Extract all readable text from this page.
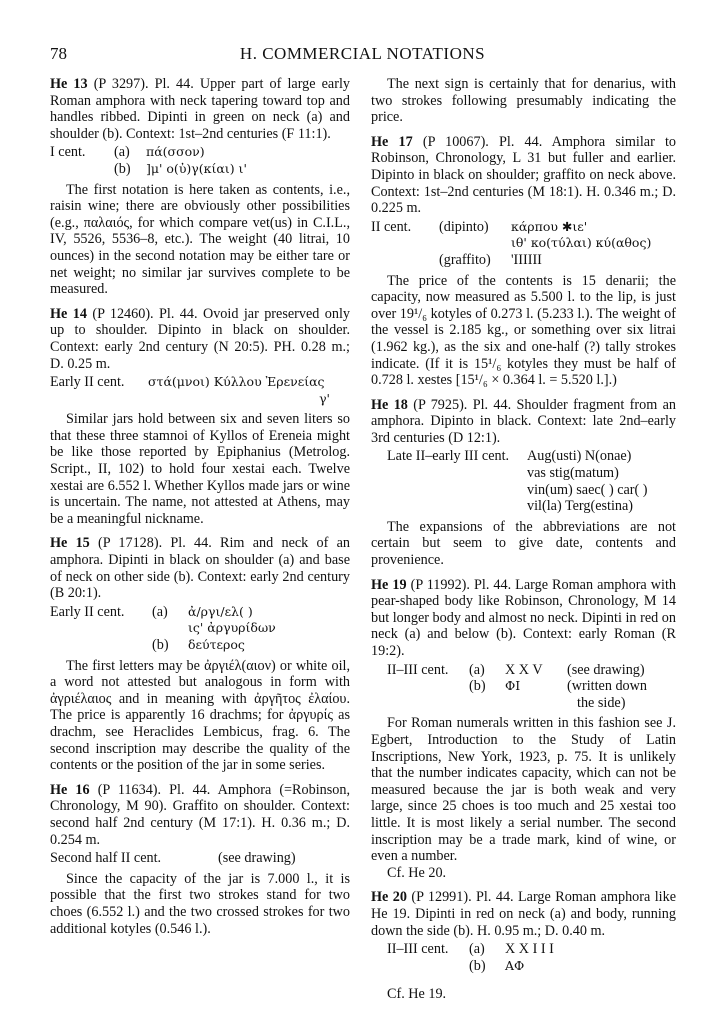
78	H. COMMERCIAL NOTATIONS

He 13 (P 3297). Pl. 44. Upper part of large early Roman amphora with neck tapering toward top and handles ribbed. Dipinti in green on neck (a) and shoulder (b). Context: 1st–2nd centuries (F 11:1).

I cent.	(a)	πά(σσον)
(b)	]μ' ο(ὐ)γ(κίαι) ι'

The first notation is here taken as contents, i.e., raisin wine; there are obviously other possibilities (e.g., παλαιός, for which compare vet(us) in C.I.L., IV, 5526, 5536–8, etc.). The weight (40 litrai, 10 ounces) in the second notation may be either tare or net weight; no similar jar survives complete to be measured.

He 14 (P 12460). Pl. 44. Ovoid jar preserved only up to shoulder. Dipinto in black on shoulder. Context: early 2nd century (N 20:5). PH. 0.28 m.; D. 0.25 m.

Early II cent.	στά(μνοι) Κύλλου Ἐρενείας
γ'

Similar jars hold between six and seven liters so that these three stamnoi of Kyllos of Ereneia might be like those reported by Epiphanius (Metrolog. Script., II, 102) to hold four xestai each. Twelve xestai are 6.552 l. Whether Kyllos made jars or wine is uncertain. The name, not attested at Athens, may be a meaningful nickname.

He 15 (P 17128). Pl. 44. Rim and neck of an amphora. Dipinti in black on shoulder (a) and base of neck on other side (b). Context: early 2nd century (B 20:1).

Early II cent.	(a)	ἀ/ργι/ελ( )
ις' ἀργυρίδων
(b)	δεύτερος

The first letters may be ἀργιέλ(αιον) or white oil, a word not attested but analogous in form with ἀγριέλαιος and in meaning with ἀργῆτος ἐλαίου. The price is apparently 16 drachms; for ἀργυρίς as drachm, see Heraclides Lembicus, frag. 6. The second inscription may describe the quality of the contents or the position of the jar in some series.

He 16 (P 11634). Pl. 44. Amphora (=Robinson, Chronology, M 90). Graffito on shoulder. Context: second half 2nd century (M 17:1). H. 0.36 m.; D. 0.254 m.

Second half II cent.	(see drawing)

Since the capacity of the jar is 7.000 l., it is possible that the first two strokes stand for two choes (6.552 l.) and the two crossed strokes for two additional kotyles (0.546 l.).

The next sign is certainly that for denarius, with two strokes following presumably indicating the price.

He 17 (P 10067). Pl. 44. Amphora similar to Robinson, Chronology, L 31 but fuller and earlier. Dipinto in black on shoulder; graffito on neck above. Context: 1st–2nd centuries (M 18:1). H. 0.346 m.; D. 0.225 m.

II cent.	(dipinto)	κάρπου ✱ιε'
ιθ' κο(τύλαι) κύ(αθος)
(graffito)	'IIIIII

The price of the contents is 15 denarii; the capacity, now measured as 5.500 l. to the lip, is just over 19¹/₆ kotyles of 0.273 l. (5.233 l.). The weight of the vessel is 2.185 kg., or something over six litrai (1.962 kg.), as the six and one-half (?) tally strokes indicate. (If it is 15¹/₆ kotyles they must be half of 0.728 l. xestes [15¹/₆ × 0.364 l. = 5.520 l.].)

He 18 (P 7925). Pl. 44. Shoulder fragment from an amphora. Dipinto in black. Context: late 2nd–early 3rd centuries (D 12:1).

Late II–early III cent.	Aug(usti) N(onae)
vas stig(matum)
vin(um) saec( ) car( )
vil(la) Terg(estina)

The expansions of the abbreviations are not certain but seem to give date, contents and provenience.

He 19 (P 11992). Pl. 44. Large Roman amphora with pear-shaped body like Robinson, Chronology, M 14 but longer body and almost no neck. Dipinti in red on neck (a) and below (b). Context: early Roman (R 19:2).

II–III cent.	(a)	X X V	(see drawing)
(b)	ΦΙ	(written down
the side)

For Roman numerals written in this fashion see J. Egbert, Introduction to the Study of Latin Inscriptions, New York, 1923, p. 75. It is unlikely that the number indicates capacity, which can not be measured because the jar is both weak and very large, since 25 choes is too much and 25 xestai too little. It is most likely a serial number. The second inscription may be a trade mark, kind of wine, or even a number.

Cf. He 20.

He 20 (P 12991). Pl. 44. Large Roman amphora like He 19. Dipinti in red on neck (a) and body, running down the side (b). H. 0.95 m.; D. 0.40 m.

II–III cent.	(a)	X X I I I
(b)	ΑΦ

Cf. He 19.
